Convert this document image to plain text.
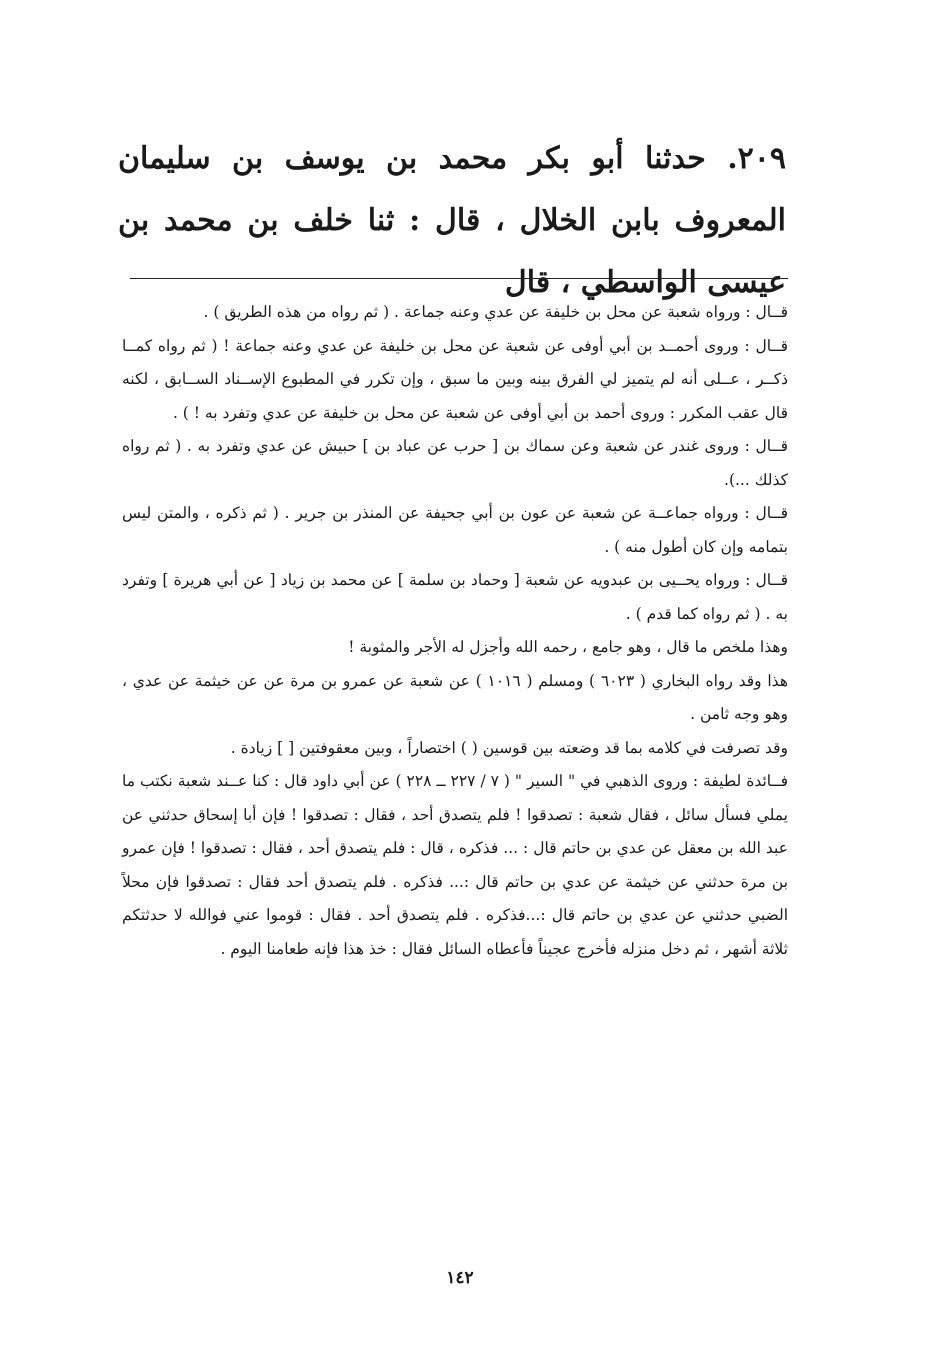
٢٠٩. حدثنا أبو بكر محمد بن يوسف بن سليمان المعروف بابن الخلال ، قال : ثنا خلف بن محمد بن عيسى الواسطي ، قال

قــال : ورواه شعبة عن محل بن خليفة عن عدي وعنه جماعة . ( ثم رواه من هذه الطريق ) .

قــال : وروى أحمــد بن أبي أوفى عن شعبة عن محل بن خليفة عن عدي وعنه جماعة ! ( ثم رواه كمــا ذكــر ، عــلى أنه لم يتميز لي الفرق بينه وبين ما سبق ، وإن تكرر في المطبوع الإســناد الســابق ، لكنه قال عقب المكرر : وروى أحمد بن أبي أوفى عن شعبة عن محل بن خليفة عن عدي وتفرد به ! ) .

قــال : وروى غندر عن شعبة وعن سماك بن [ حرب عن عباد بن ] حبيش عن عدي وتفرد به . ( ثم رواه كذلك ...).

قــال : ورواه جماعــة عن شعبة عن عون بن أبي جحيفة عن المنذر بن جرير . ( ثم ذكره ، والمتن ليس بتمامه وإن كان أطول منه ) .

قــال : ورواه يحــيى بن عبدويه عن شعبة [ وحماد بن سلمة ] عن محمد بن زياد [ عن أبي هريرة ] وتفرد به . ( ثم رواه كما قدم ) .

وهذا ملخص ما قال ، وهو جامع ، رحمه الله وأجزل له الأجر والمثوبة !

هذا وقد رواه البخاري ( ٦٠٢٣ ) ومسلم ( ١٠١٦ ) عن شعبة عن عمرو بن مرة عن عن خيثمة عن عدي ، وهو وجه ثامن .

وقد تصرفت في كلامه بما قد وضعته بين قوسين ( ) اختصاراً ، وبين معقوفتين [ ] زيادة .

فــائدة لطيفة : وروى الذهبي في " السير " ( ٧ / ٢٢٧ ــ ٢٢٨ ) عن أبي داود قال : كنا عــند شعبة نكتب ما يملي فسأل سائل ، فقال شعبة : تصدقوا ! فلم يتصدق أحد ، فقال : تصدقوا ! فإن أبا إسحاق حدثني عن عبد الله بن معقل عن عدي بن حاتم قال : ... فذكره ، قال : فلم يتصدق أحد ، فقال : تصدقوا ! فإن عمرو بن مرة حدثني عن خيثمة عن عدي بن حاتم قال :... فذكره . فلم يتصدق أحد فقال : تصدقوا فإن محلاً الضبي حدثني عن عدي بن حاتم قال :...فذكره . فلم يتصدق أحد . فقال : قوموا عني فوالله لا حدثتكم ثلاثة أشهر ، ثم دخل منزله فأخرج عجيناً فأعطاه السائل فقال : خذ هذا فإنه طعامنا اليوم .

١٤٢
